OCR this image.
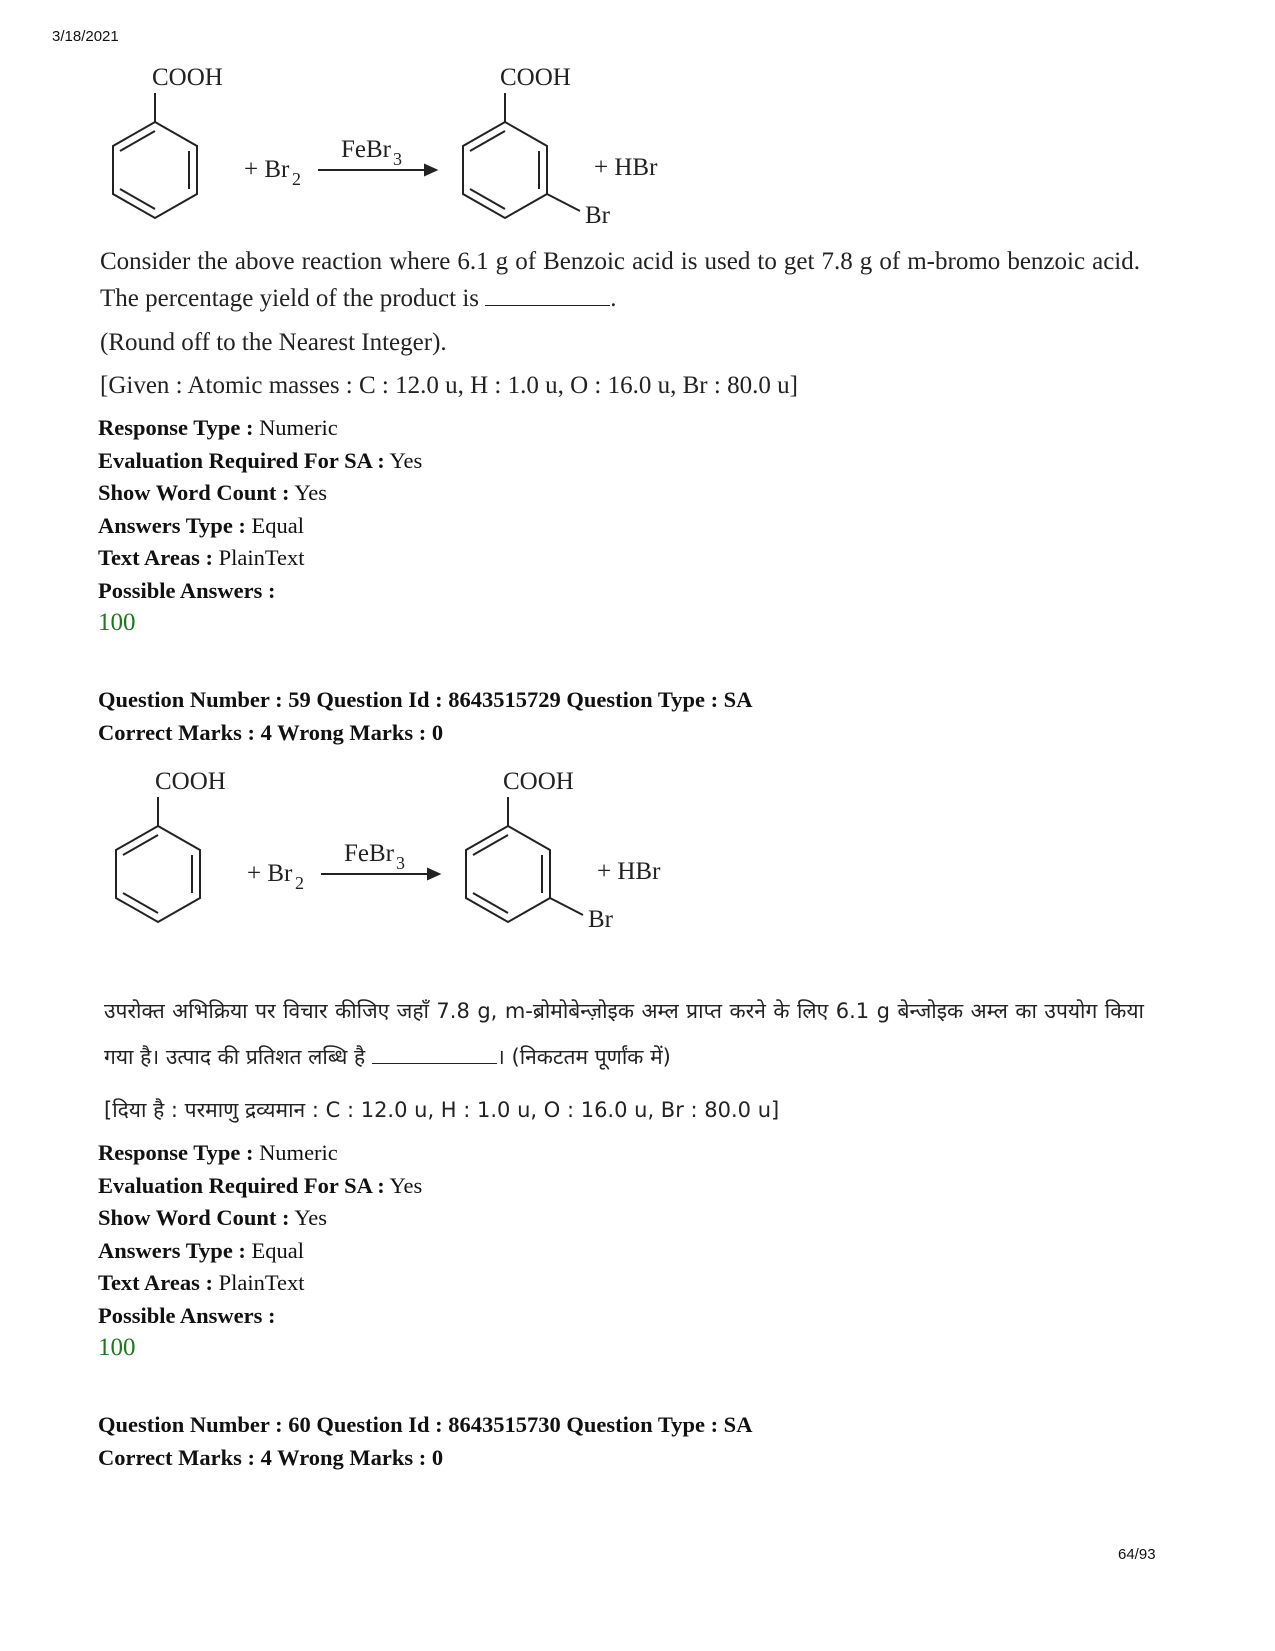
3/18/2021
COOH
+ Br 2
FeBr 3
COOH
Br
+ HBr
Consider the above reaction where 6.1 g of Benzoic acid is used to get 7.8 g of m-bromo benzoic acid. The percentage yield of the product is	.
(Round off to the Nearest Integer).
[Given : Atomic masses : C : 12.0 u, H : 1.0 u, O : 16.0 u, Br : 80.0 u]
Response Type : Numeric
Evaluation Required For SA : Yes
Show Word Count : Yes
Answers Type : Equal
Text Areas : PlainText
Possible Answers :
100
Question Number : 59 Question Id : 8643515729 Question Type : SA
Correct Marks : 4 Wrong Marks : 0
COOH
+ Br 2
FeBr 3
COOH
Br
+ HBr
उपरोक्त अभिक्रिया पर विचार कीजिए जहाँ 7.8 g, m-ब्रोमोबेन्ज़ोइक अम्ल प्राप्त करने के लिए 6.1 g बेन्जोइक अम्ल का उपयोग किया गया है। उत्पाद की प्रतिशत लब्धि है	। (निकटतम पूर्णांक में)
[दिया है : परमाणु द्रव्यमान : C : 12.0 u, H : 1.0 u, O : 16.0 u, Br : 80.0 u]
Response Type : Numeric
Evaluation Required For SA : Yes
Show Word Count : Yes
Answers Type : Equal
Text Areas : PlainText
Possible Answers :
100
Question Number : 60 Question Id : 8643515730 Question Type : SA
Correct Marks : 4 Wrong Marks : 0
64/93
